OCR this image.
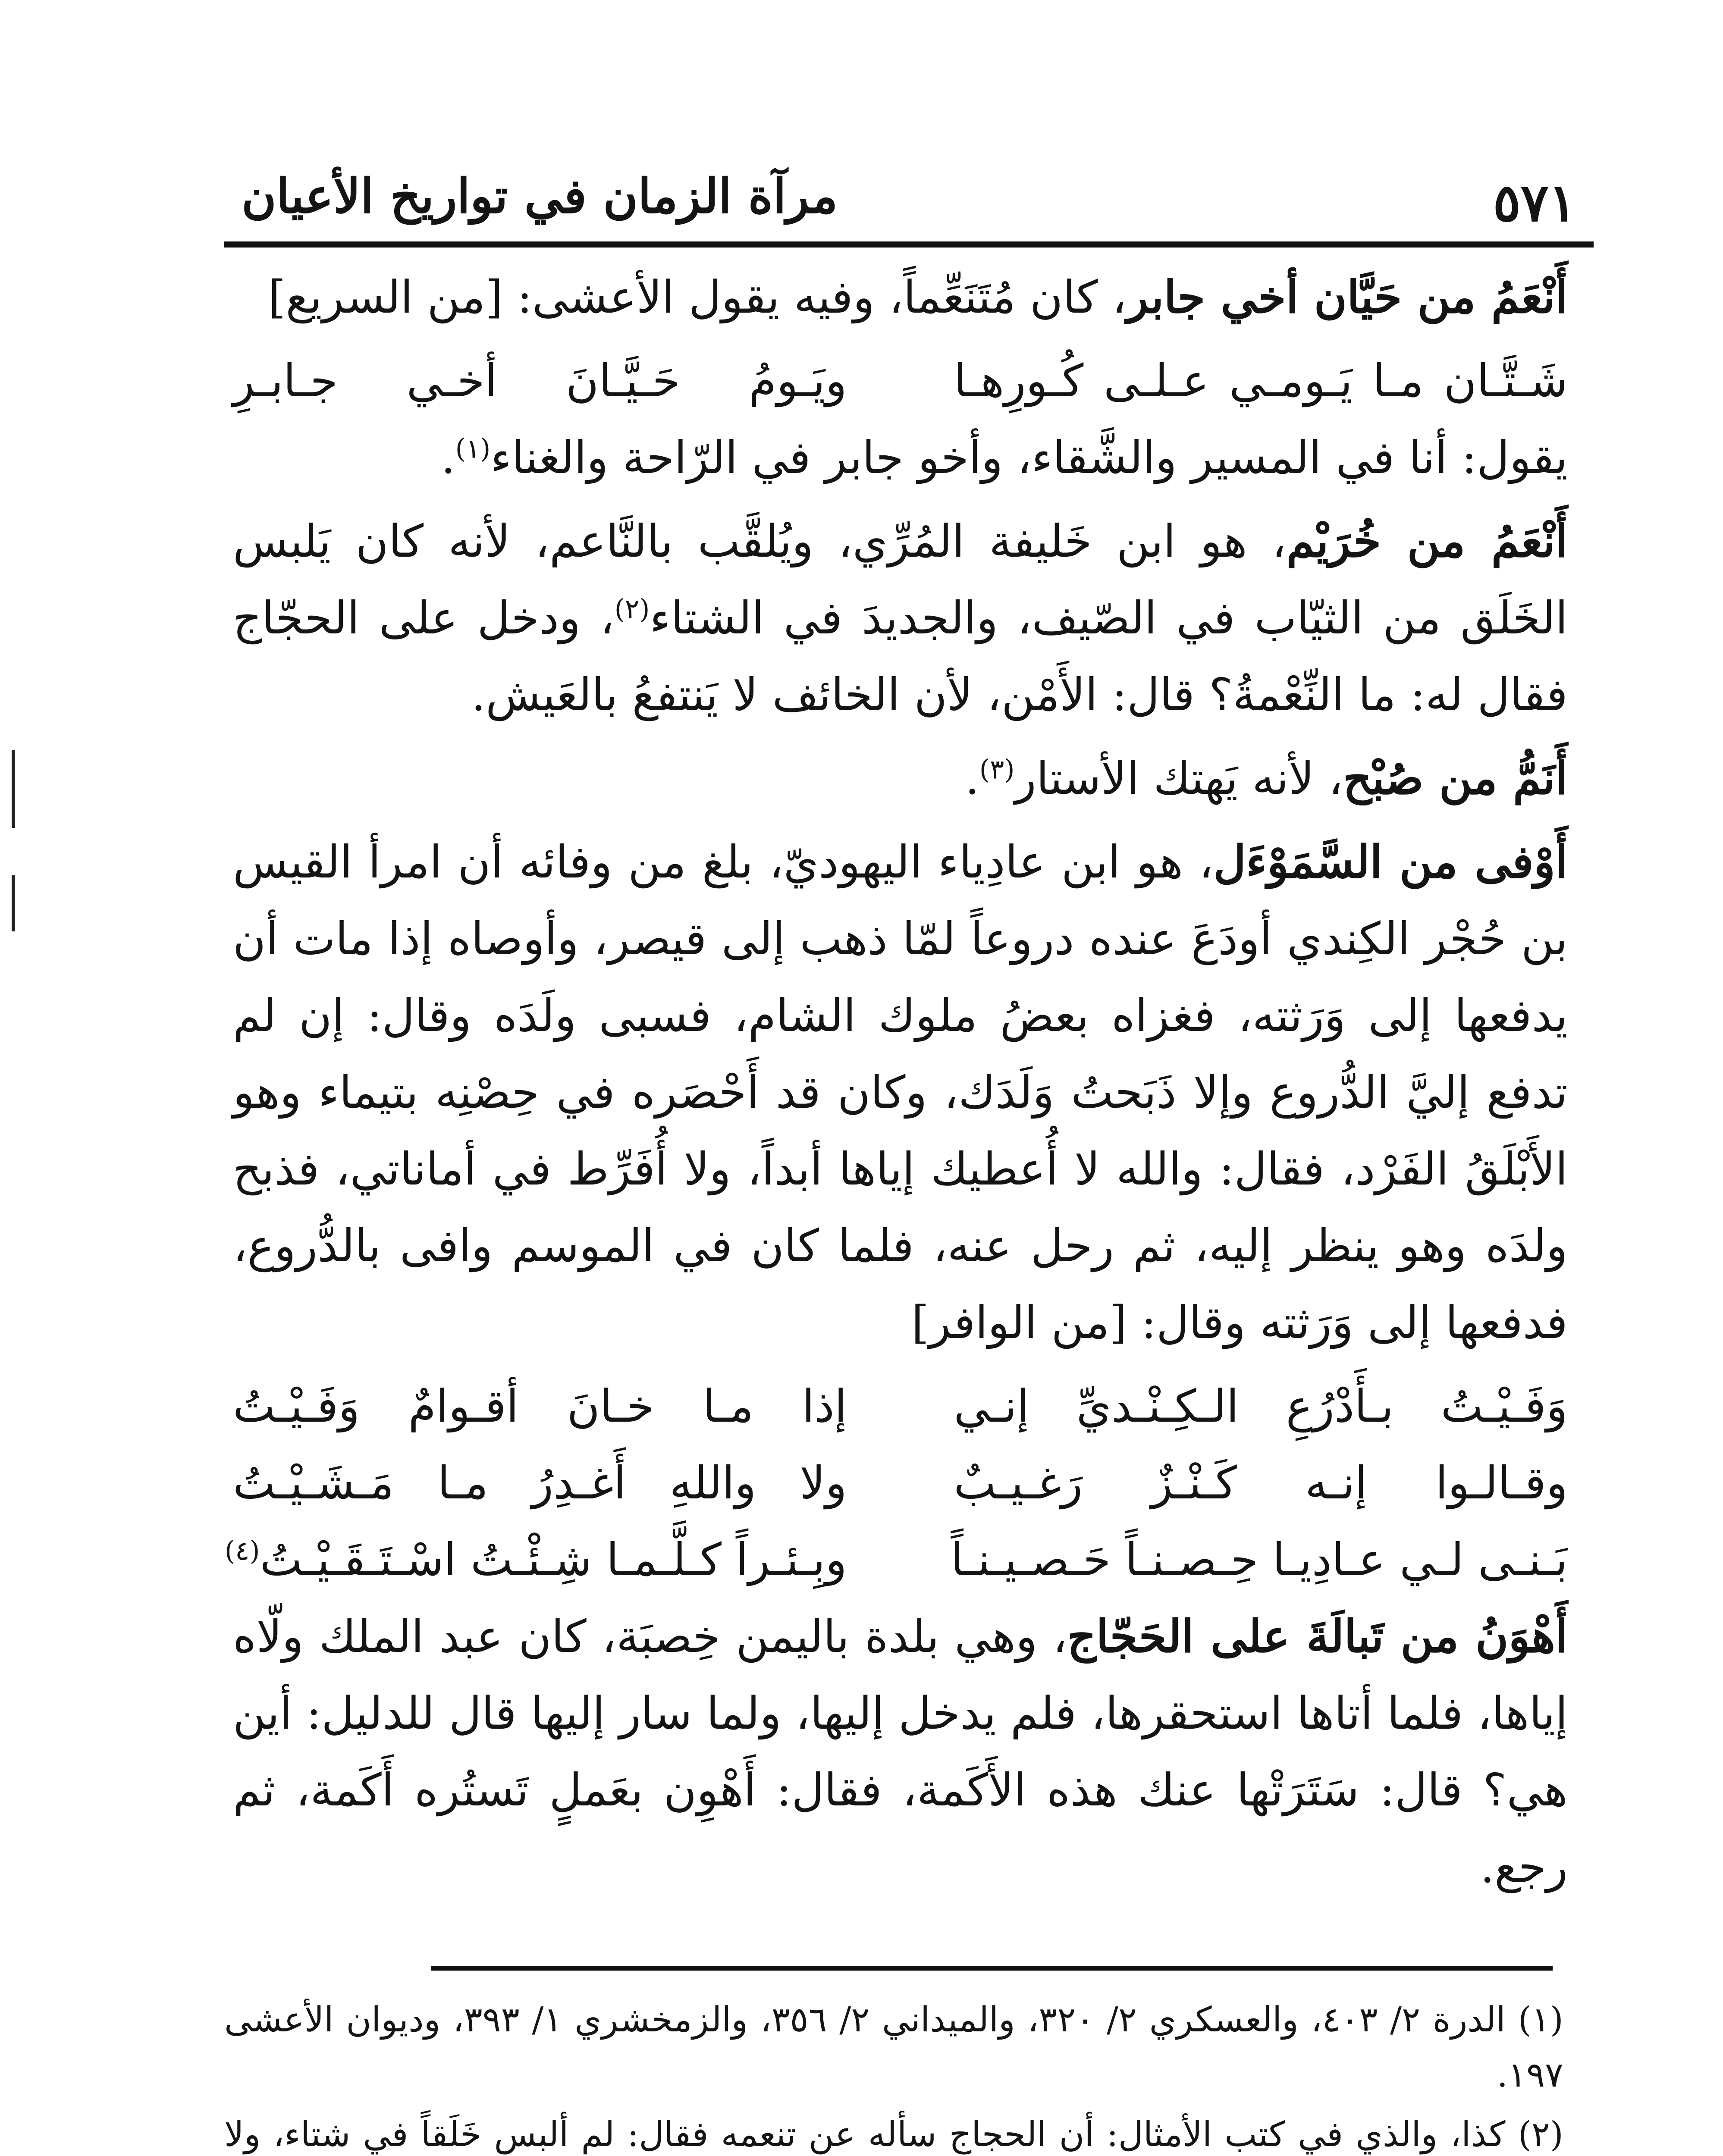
٥٧١
مرآة الزمان في تواريخ الأعيان

أَنْعَمُ من حَيَّان أخي جابر، كان مُتَنَعِّماً، وفيه يقول الأعشى: [من السريع]

شَـتَّـان مـا يَـومـي عـلـى كُـورِهـا
ويَـومُ حَـيَّـانَ أخـي جـابـرِ

يقول: أنا في المسير والشَّقاء، وأخو جابر في الرّاحة والغناء$^{(١)}$.

أَنْعَمُ من خُرَيْم، هو ابن خَليفة المُرِّي، ويُلقَّب بالنَّاعم، لأنه كان يَلبس الخَلَق من الثيّاب في الصّيف، والجديدَ في الشتاء$^{(٢)}$، ودخل على الحجّاج فقال له: ما النِّعْمةُ؟ قال: الأَمْن، لأن الخائف لا يَنتفعُ بالعَيش.

أَنَمُّ من صُبْح، لأنه يَهتك الأستار$^{(٣)}$.

أَوْفى من السَّمَوْءَل، هو ابن عادِياء اليهوديّ، بلغ من وفائه أن امرأ القيس بن حُجْر الكِندي أودَعَ عنده دروعاً لمّا ذهب إلى قيصر، وأوصاه إذا مات أن يدفعها إلى وَرَثته، فغزاه بعضُ ملوك الشام، فسبى ولَدَه وقال: إن لم تدفع إليَّ الدُّروع وإلا ذَبَحتُ وَلَدَك، وكان قد أَحْصَره في حِصْنِه بتيماء وهو الأَبْلَقُ الفَرْد، فقال: والله لا أُعطيك إياها أبداً، ولا أُفَرِّط في أماناتي، فذبح ولدَه وهو ينظر إليه، ثم رحل عنه، فلما كان في الموسم وافى بالدُّروع، فدفعها إلى وَرَثته وقال: [من الوافر]

وَفَـيْـتُ بـأَدْرُعِ الـكِـنْـديِّ إنـي
إذا مـا خـانَ أقـوامٌ وَفَـيْـتُ
وقـالـوا إنـه كَـنْـزٌ رَغـيـبٌ
ولا واللهِ أَغـدِرُ مـا مَـشَـيْـتُ
بَـنـى لـي عـادِيـا حِـصـنـاً حَـصـيـنـاً
وبِـئـراً كـلَّـمـا شِـئْـتُ اسْـتَـقَـيْـتُ$^{(٤)}$

أَهْوَنُ من تَبالَةَ على الحَجّاج، وهي بلدة باليمن خِصبَة، كان عبد الملك ولّاه إياها، فلما أتاها استحقرها، فلم يدخل إليها، ولما سار إليها قال للدليل: أين هي؟ قال: سَتَرَتْها عنك هذه الأَكَمة، فقال: أَهْوِن بعَملٍ تَستُره أَكَمة، ثم رجع.

(١) الدرة ٢/ ٤٠٣، والعسكري ٢/ ٣٢٠، والميداني ٢/ ٣٥٦، والزمخشري ١/ ٣٩٣، وديوان الأعشى ١٩٧.

(٢) كذا، والذي في كتب الأمثال: أن الحجاج سأله عن تنعمه فقال: لم ألبس خَلَقاً في شتاء، ولا
